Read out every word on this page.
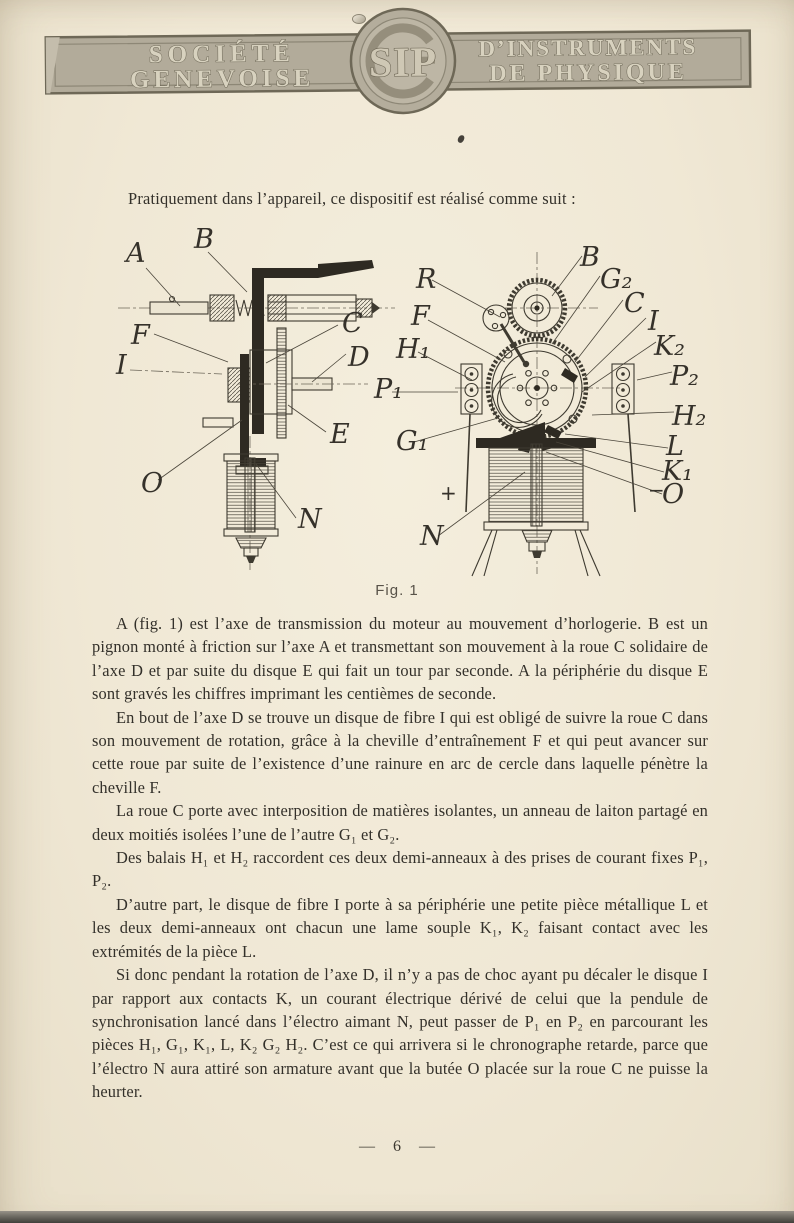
SIP
SOCIÉTÉ
GENEVOISE
D’INSTRUMENTS
DE PHYSIQUE
Pratiquement dans l’appareil, ce dispositif est réalisé comme suit :
A B
C
D
E
F
I
O
N
R
F
H₁
P₁
G₁
N
B
G₂
C
I
K₂
P₂
H₂
L
K₁
O
+	−
Fig. 1

A (fig. 1) est l’axe de transmission du moteur au mouvement d’horlogerie. B est un pignon monté à friction sur l’axe A et transmettant son mouvement à la roue C solidaire de l’axe D et par suite du disque E qui fait un tour par seconde. A la périphérie du disque E sont gravés les chiffres imprimant les centièmes de seconde.

En bout de l’axe D se trouve un disque de fibre I qui est obligé de suivre la roue C dans son mouvement de rotation, grâce à la cheville d’entraînement F et qui peut avancer sur cette roue par suite de l’existence d’une rainure en arc de cercle dans laquelle pénètre la cheville F.

La roue C porte avec interposition de matières isolantes, un anneau de laiton partagé en deux moitiés isolées l’une de l’autre G₁ et G₂.

Des balais H₁ et H₂ raccordent ces deux demi-anneaux à des prises de courant fixes P₁, P₂.

D’autre part, le disque de fibre I porte à sa périphérie une petite pièce métallique L et les deux demi-anneaux ont chacun une lame souple K₁, K₂ faisant contact avec les extrémités de la pièce L.

Si donc pendant la rotation de l’axe D, il n’y a pas de choc ayant pu décaler le disque I par rapport aux contacts K, un courant électrique dérivé de celui que la pendule de synchronisation lancé dans l’électro aimant N, peut passer de P₁ en P₂ en parcourant les pièces H₁, G₁, K₁, L, K₂ G₂ H₂. C’est ce qui arrivera si le chronographe retarde, parce que l’électro N aura attiré son armature avant que la butée O placée sur la roue C ne puisse la heurter.

— 6 —
